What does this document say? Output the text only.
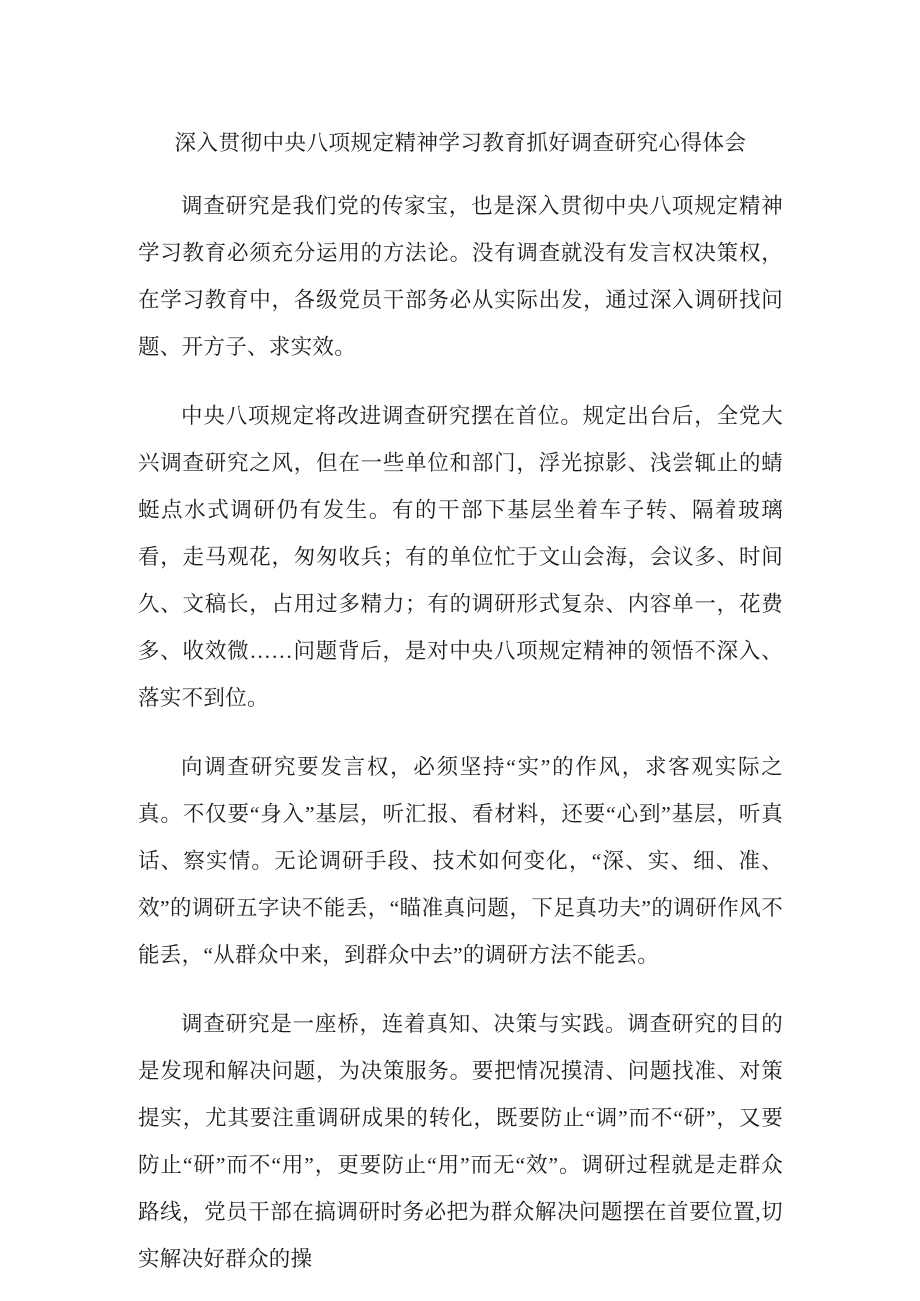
深入贯彻中央八项规定精神学习教育抓好调查研究心得体会

调查研究是我们党的传家宝，也是深入贯彻中央八项规定精神学习教育必须充分运用的方法论。没有调查就没有发言权决策权，在学习教育中，各级党员干部务必从实际出发，通过深入调研找问题、开方子、求实效。

中央八项规定将改进调查研究摆在首位。规定出台后，全党大兴调查研究之风，但在一些单位和部门，浮光掠影、浅尝辄止的蜻蜓点水式调研仍有发生。有的干部下基层坐着车子转、隔着玻璃看，走马观花，匆匆收兵；有的单位忙于文山会海，会议多、时间久、文稿长，占用过多精力；有的调研形式复杂、内容单一，花费多、收效微……问题背后，是对中央八项规定精神的领悟不深入、落实不到位。

向调查研究要发言权，必须坚持“实”的作风，求客观实际之真。不仅要“身入”基层，听汇报、看材料，还要“心到”基层，听真话、察实情。无论调研手段、技术如何变化，“深、实、细、准、效”的调研五字诀不能丢，“瞄准真问题，下足真功夫”的调研作风不能丢，“从群众中来，到群众中去”的调研方法不能丢。

调查研究是一座桥，连着真知、决策与实践。调查研究的目的是发现和解决问题，为决策服务。要把情况摸清、问题找准、对策提实，尤其要注重调研成果的转化，既要防止“调”而不“研”，又要防止“研”而不“用”，更要防止“用”而无“效”。调研过程就是走群众路线，党员干部在搞调研时务必把为群众解决问题摆在首要位置,切实解决好群众的操
